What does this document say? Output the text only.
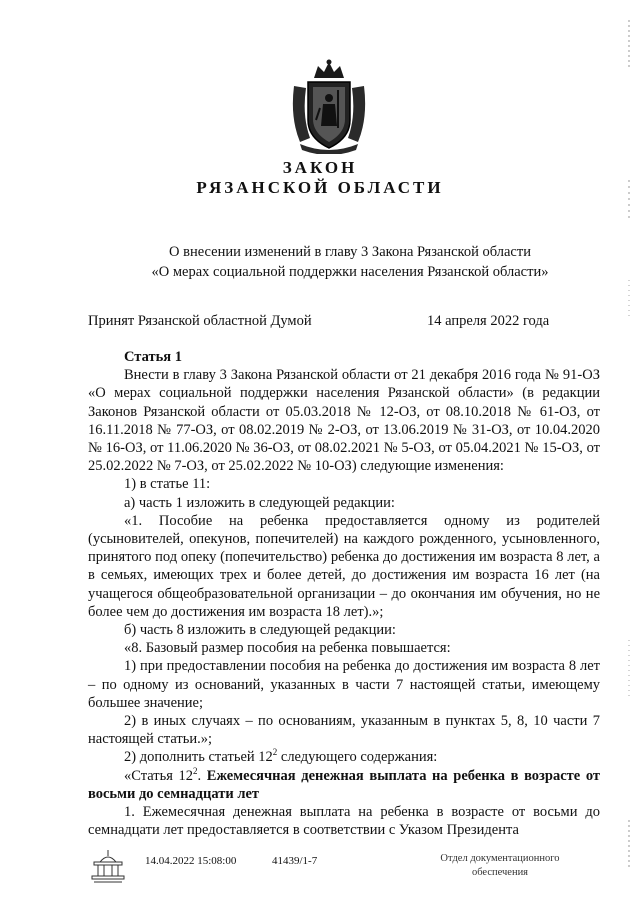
ЗАКОН
РЯЗАНСКОЙ ОБЛАСТИ
О внесении изменений в главу 3 Закона Рязанской области
«О мерах социальной поддержки населения Рязанской области»
Принят Рязанской областной Думой	14 апреля 2022 года

Статья 1

Внести в главу 3 Закона Рязанской области от 21 декабря 2016 года № 91-ОЗ «О мерах социальной поддержки населения Рязанской области» (в редакции Законов Рязанской области от 05.03.2018 № 12-ОЗ, от 08.10.2018 № 61-ОЗ, от 16.11.2018 № 77-ОЗ, от 08.02.2019 № 2-ОЗ, от 13.06.2019 № 31-ОЗ, от 10.04.2020 № 16-ОЗ, от 11.06.2020 № 36-ОЗ, от 08.02.2021 № 5-ОЗ, от 05.04.2021 № 15-ОЗ, от 25.02.2022 № 7-ОЗ, от 25.02.2022 № 10-ОЗ) следующие изменения:

1) в статье 11:

а) часть 1 изложить в следующей редакции:

«1. Пособие на ребенка предоставляется одному из родителей (усыновителей, опекунов, попечителей) на каждого рожденного, усыновленного, принятого под опеку (попечительство) ребенка до достижения им возраста 8 лет, а в семьях, имеющих трех и более детей, до достижения им возраста 16 лет (на учащегося общеобразовательной организации – до окончания им обучения, но не более чем до достижения им возраста 18 лет).»;

б) часть 8 изложить в следующей редакции:

«8. Базовый размер пособия на ребенка повышается:

1) при предоставлении пособия на ребенка до достижения им возраста 8 лет – по одному из оснований, указанных в части 7 настоящей статьи, имеющему большее значение;

2) в иных случаях – по основаниям, указанным в пунктах 5, 8, 10 части 7 настоящей статьи.»;

2) дополнить статьей $12^2$ следующего содержания:

«Статья $12^2$. Ежемесячная денежная выплата на ребенка в возрасте от восьми до семнадцати лет

1. Ежемесячная денежная выплата на ребенка в возрасте от восьми до семнадцати лет предоставляется в соответствии с Указом Президента

14.04.2022 15:08:00	41439/1-7	Отдел документационного
обеспечения
